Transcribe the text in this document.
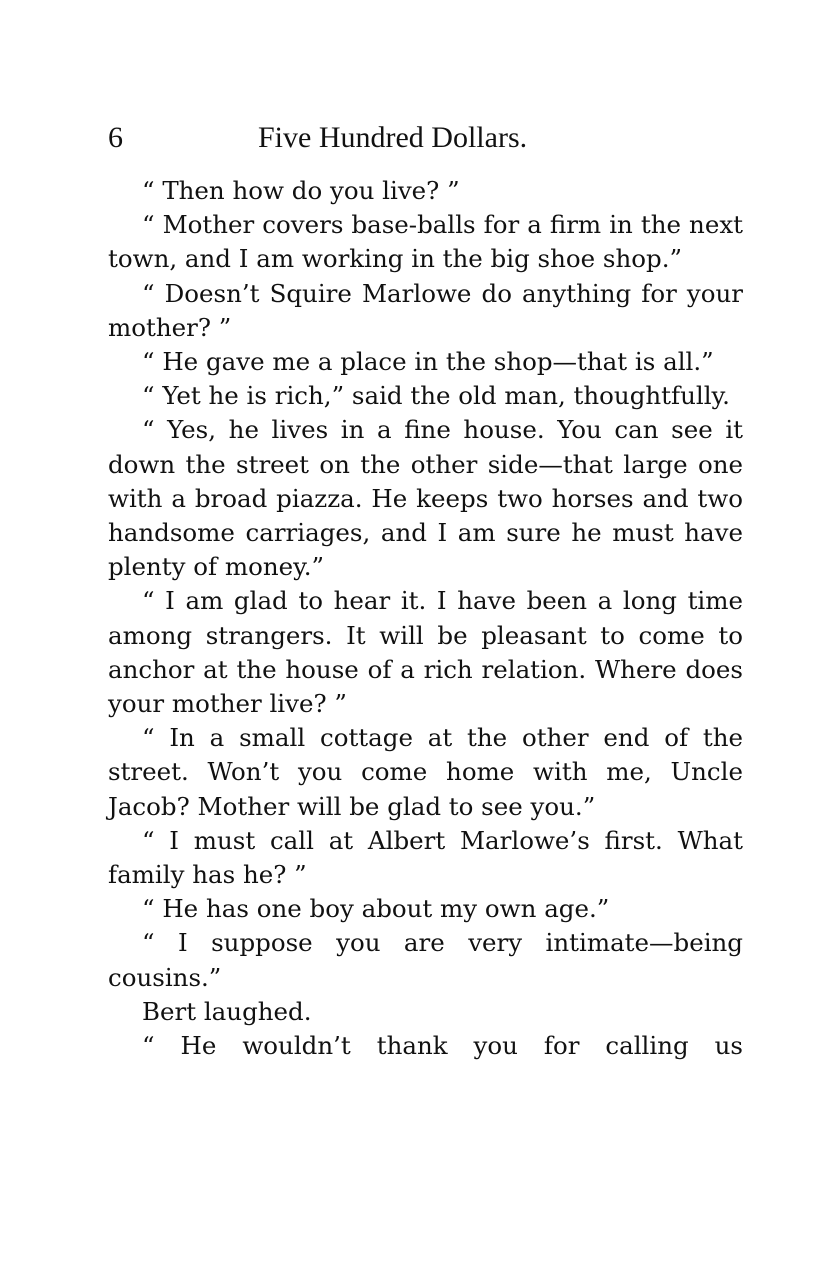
6	Five Hundred Dollars.

“ Then how do you live? ”

“ Mother covers base-balls for a firm in the next town, and I am working in the big shoe shop.”

“ Doesn’t Squire Marlowe do anything for your mother? ”

“ He gave me a place in the shop—that is all.”

“ Yet he is rich,” said the old man, thoughtfully.

“ Yes, he lives in a fine house. You can see it down the street on the other side—that large one with a broad piazza. He keeps two horses and two handsome carriages, and I am sure he must have plenty of money.”

“ I am glad to hear it. I have been a long time among strangers. It will be pleasant to come to anchor at the house of a rich relation. Where does your mother live? ”

“ In a small cottage at the other end of the street. Won’t you come home with me, Uncle Jacob? Mother will be glad to see you.”

“ I must call at Albert Marlowe’s first. What family has he? ”

“ He has one boy about my own age.”

“ I suppose you are very intimate—being cousins.”

Bert laughed.

“ He wouldn’t thank you for calling us
